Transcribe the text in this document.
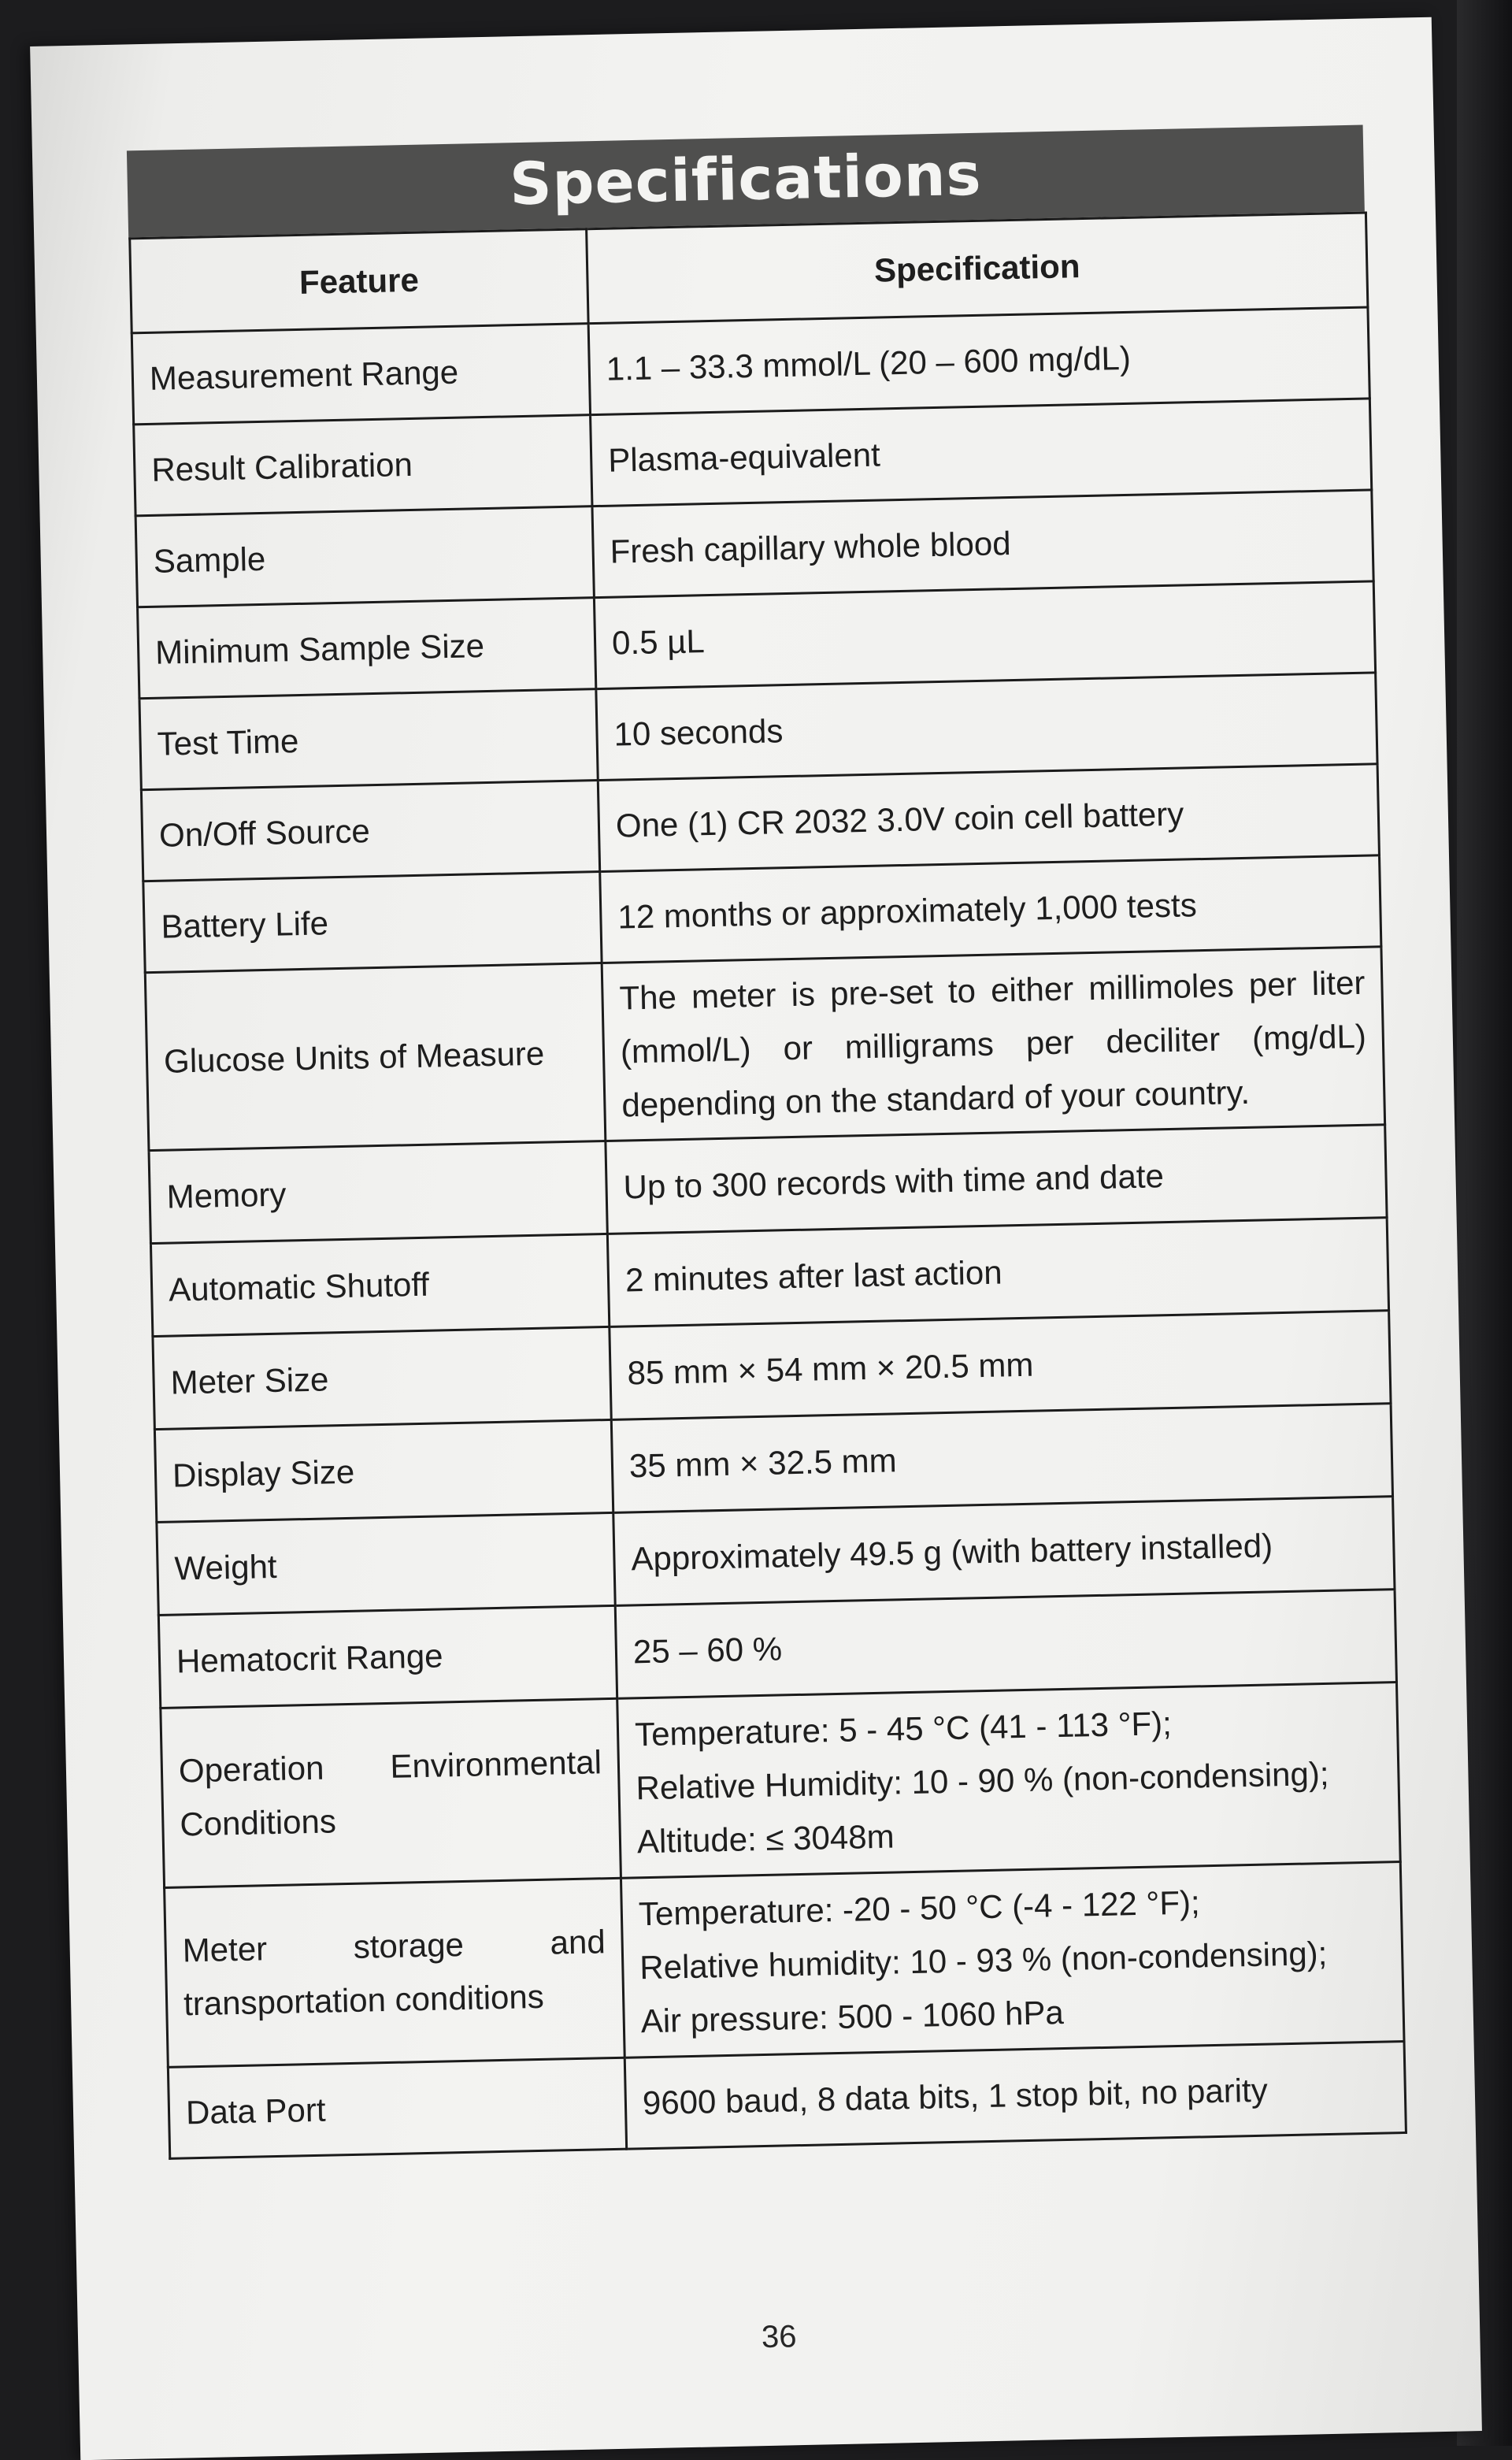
Specifications
Feature	Specification
Measurement Range	1.1 – 33.3 mmol/L (20 – 600 mg/dL)
Result Calibration	Plasma-equivalent
Sample	Fresh capillary whole blood
Minimum Sample Size	0.5 µL
Test Time	10 seconds
On/Off Source	One (1) CR 2032 3.0V coin cell battery
Battery Life	12 months or approximately 1,000 tests
Glucose Units of Measure	The meter is pre-set to either millimoles per liter (mmol/L) or milligrams per deciliter (mg/dL) depending on the standard of your country.
Memory	Up to 300 records with time and date
Automatic Shutoff	2 minutes after last action
Meter Size	85 mm × 54 mm × 20.5 mm
Display Size	35 mm × 32.5 mm
Weight	Approximately 49.5 g (with battery installed)
Hematocrit Range	25 – 60 %
Operation Environmental Conditions	Temperature: 5 - 45 °C (41 - 113 °F);
Relative Humidity: 10 - 90 % (non-condensing);
Altitude: ≤ 3048m

Meter storage and transportation conditions	Temperature: -20 - 50 °C (-4 - 122 °F);
Relative humidity: 10 - 93 % (non-condensing);
Air pressure: 500 - 1060 hPa

Data Port	9600 baud, 8 data bits, 1 stop bit, no parity
36
